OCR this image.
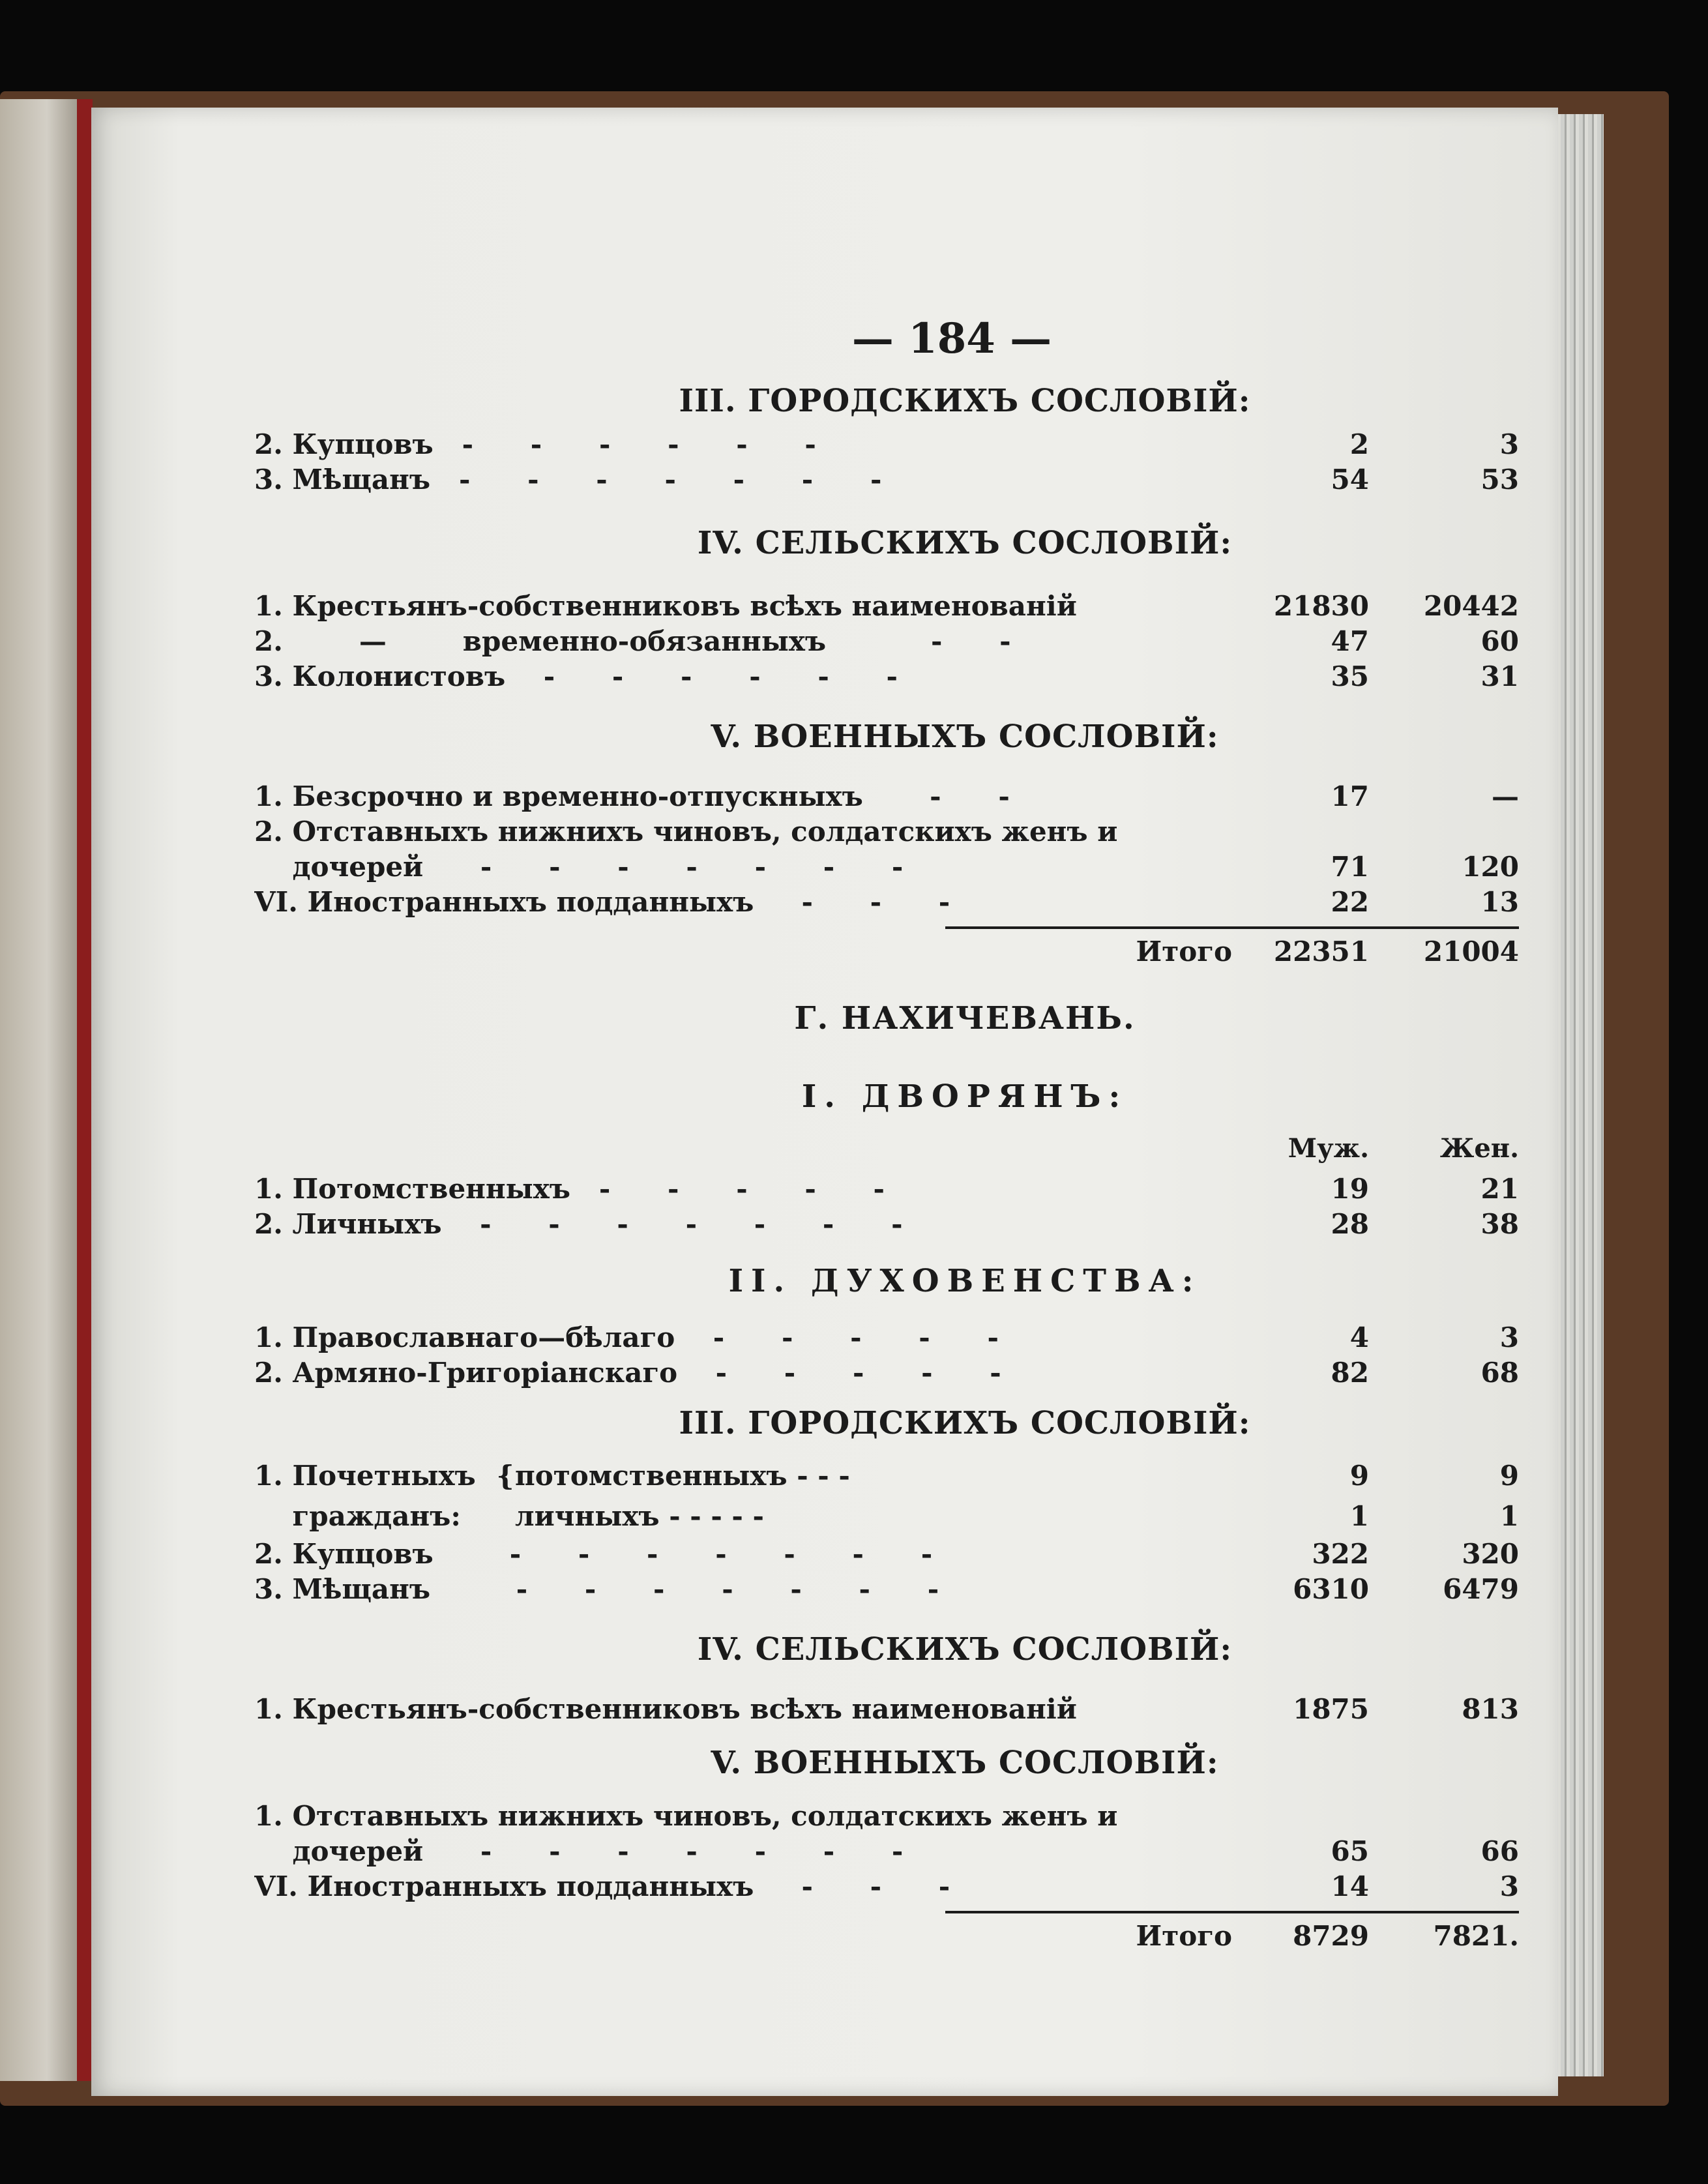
— 184 —
III. ГОРОДСКИХЪ СОСЛОВIЙ:
2. Купцовъ   -      -      -      -      -      -	2	3
3. Мѣщанъ   -      -      -      -      -      -      -	54	53
IV. СЕЛЬСКИХЪ СОСЛОВIЙ:
1. Крестьянъ-собственниковъ всѣхъ наименованiй	21830	20442
2.        —        временно-обязанныхъ           -      -	47	60
3. Колонистовъ    -      -      -      -      -      -	35	31
V. ВОЕННЫХЪ СОСЛОВIЙ:
1. Безсрочно и временно-отпускныхъ       -      -	17	—
2. Отставныхъ нижнихъ чиновъ, солдатскихъ женъ и
дочерей      -      -      -      -      -      -      -	71	120
VI. Иностранныхъ подданныхъ     -      -      -	22	13
Итого	22351	21004
Г. НАХИЧЕВАНЬ.
I. ДВОРЯНЪ:
Муж.	Жен.
1. Потомственныхъ   -      -      -      -      -	19	21
2. Личныхъ    -      -      -      -      -      -      -	28	38
II. ДУХОВЕНСТВА:
1. Православнаго—бѣлаго    -      -      -      -      -	4	3
2. Армяно-Григорiанскаго    -      -      -      -      -	82	68
III. ГОРОДСКИХЪ СОСЛОВIЙ:
1. Почетныхъ { потомственныхъ - - -	9	9
гражданъ:	личныхъ - - - - -	1	1
2. Купцовъ        -      -      -      -      -      -      -	322	320
3. Мѣщанъ         -      -      -      -      -      -      -	6310	6479
IV. СЕЛЬСКИХЪ СОСЛОВIЙ:
1. Крестьянъ-собственниковъ всѣхъ наименованiй	1875	813
V. ВОЕННЫХЪ СОСЛОВIЙ:
1. Отставныхъ нижнихъ чиновъ, солдатскихъ женъ и
дочерей      -      -      -      -      -      -      -	65	66
VI. Иностранныхъ подданныхъ     -      -      -	14	3
Итого	8729	7821.
